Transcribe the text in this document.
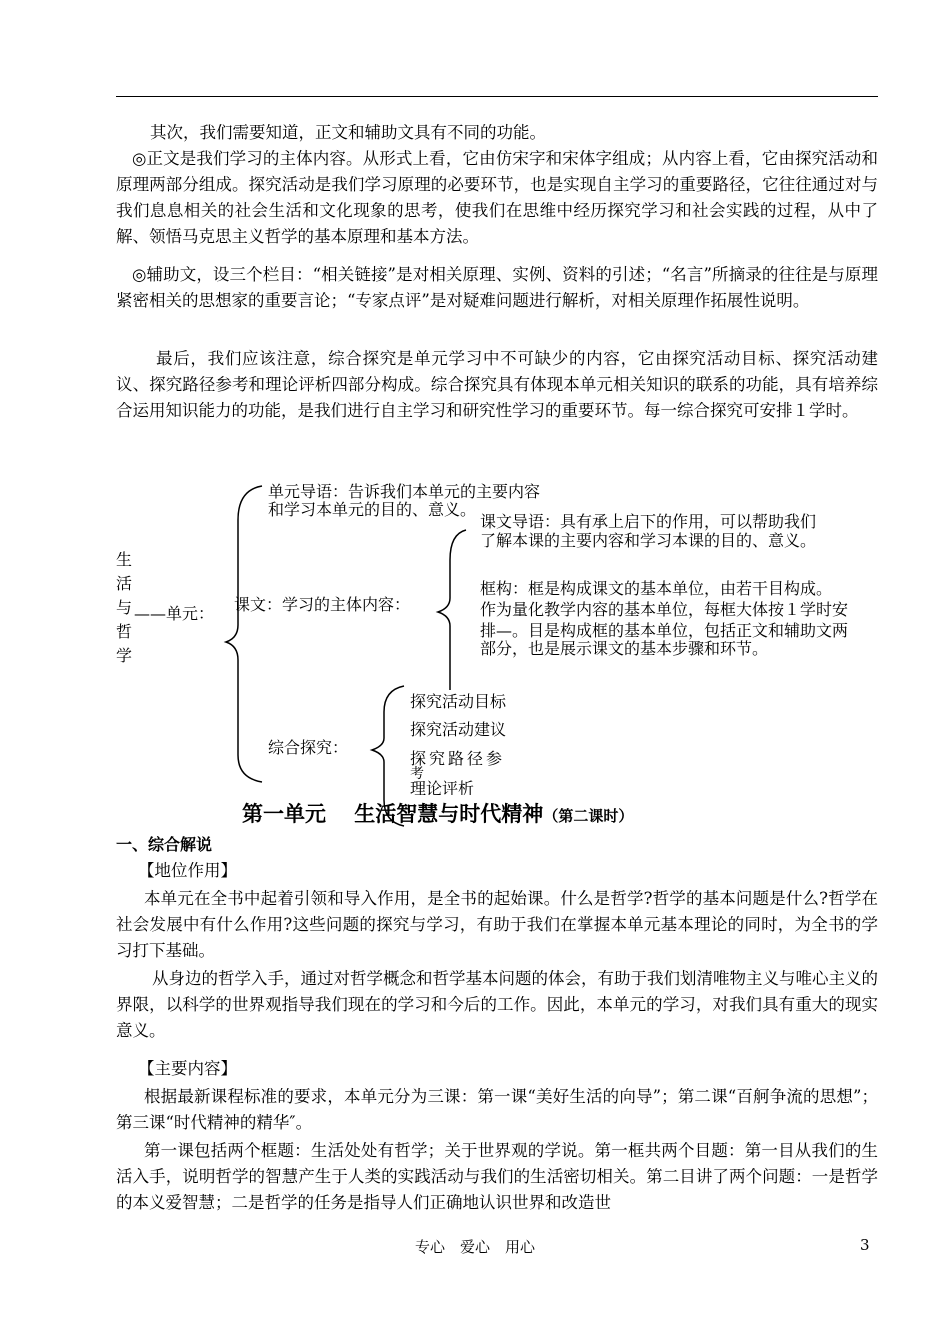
其次，我们需要知道，正文和辅助文具有不同的功能。

◎正文是我们学习的主体内容。从形式上看，它由仿宋字和宋体字组成；从内容上看，它由探究活动和原理两部分组成。探究活动是我们学习原理的必要环节，也是实现自主学习的重要路径，它往往通过对与我们息息相关的社会生活和文化现象的思考，使我们在思维中经历探究学习和社会实践的过程，从中了解、领悟马克思主义哲学的基本原理和基本方法。

◎辅助文，设三个栏目：“相关链接”是对相关原理、实例、资料的引述；“名言”所摘录的往往是与原理紧密相关的思想家的重要言论；“专家点评”是对疑难问题进行解析，对相关原理作拓展性说明。

最后，我们应该注意，综合探究是单元学习中不可缺少的内容，它由探究活动目标、探究活动建议、探究路径参考和理论评析四部分构成。综合探究具有体现本单元相关知识的联系的功能，具有培养综合运用知识能力的功能，是我们进行自主学习和研究性学习的重要环节。每一综合探究可安排１学时。

生
活
与
哲
学
——单元：
单元导语：告诉我们本单元的主要内容
和学习本单元的目的、意义。
课文：学习的主体内容：
课文导语：具有承上启下的作用，可以帮助我们
了解本课的主要内容和学习本课的目的、意义。
框构：框是构成课文的基本单位，由若干目构成。
作为量化教学内容的基本单位，每框大体按１学时安
排—。目是构成框的基本单位，包括正文和辅助文两
部分，也是展示课文的基本步骤和环节。
综合探究：
探究活动目标
探究活动建议
探究路径参
考
理论评析
第一单元　 生活智慧与时代精神（第二课时）
一、综合解说
【地位作用】

本单元在全书中起着引领和导入作用，是全书的起始课。什么是哲学?哲学的基本问题是什么?哲学在社会发展中有什么作用?这些问题的探究与学习，有助于我们在掌握本单元基本理论的同时，为全书的学习打下基础。

从身边的哲学入手，通过对哲学概念和哲学基本问题的体会，有助于我们划清唯物主义与唯心主义的界限，以科学的世界观指导我们现在的学习和今后的工作。因此，本单元的学习，对我们具有重大的现实意义。

【主要内容】

根据最新课程标准的要求，本单元分为三课：第一课“美好生活的向导”；第二课“百舸争流的思想”；第三课“时代精神的精华″。

第一课包括两个框题：生活处处有哲学；关于世界观的学说。第一框共两个目题：第一目从我们的生活入手，说明哲学的智慧产生于人类的实践活动与我们的生活密切相关。第二目讲了两个问题：一是哲学的本义爱智慧；二是哲学的任务是指导人们正确地认识世界和改造世

专心　爱心　用心	3
